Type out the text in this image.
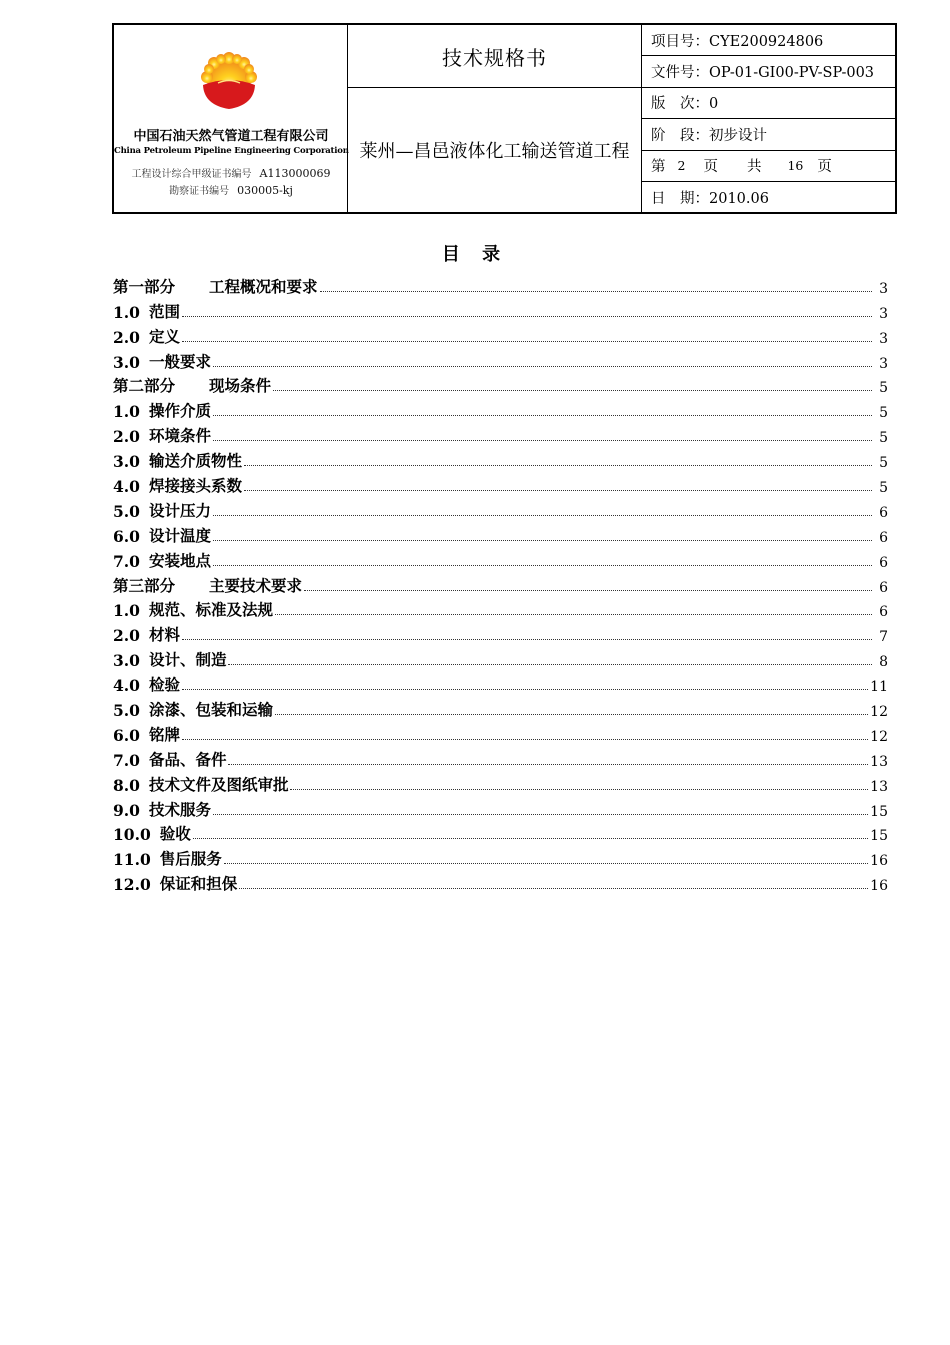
中国石油天然气管道工程有限公司
China Petroleum Pipeline Engineering Corporation
工程设计综合甲级证书编号 A113000069
勘察证书编号 030005-kj
技术规格书
莱州—昌邑液体化工输送管道工程
项目号：CYE200924806
文件号：OP-01-GI00-PV-SP-003
版　次：0
阶　段：初步设计
第 2 页　　共 16 页
日　期：2010.06
目 录
第一部分 工程概况和要求	3
1.0 范围	3
2.0 定义	3
3.0 一般要求	3
第二部分 现场条件	5
1.0 操作介质	5
2.0 环境条件	5
3.0 输送介质物性	5
4.0 焊接接头系数	5
5.0 设计压力	6
6.0 设计温度	6
7.0 安装地点	6
第三部分 主要技术要求	6
1.0 规范、标准及法规	6
2.0 材料	7
3.0 设计、制造	8
4.0 检验	11
5.0 涂漆、包装和运输	12
6.0 铭牌	12
7.0 备品、备件	13
8.0 技术文件及图纸审批	13
9.0 技术服务	15
10.0 验收	15
11.0 售后服务	16
12.0 保证和担保	16
